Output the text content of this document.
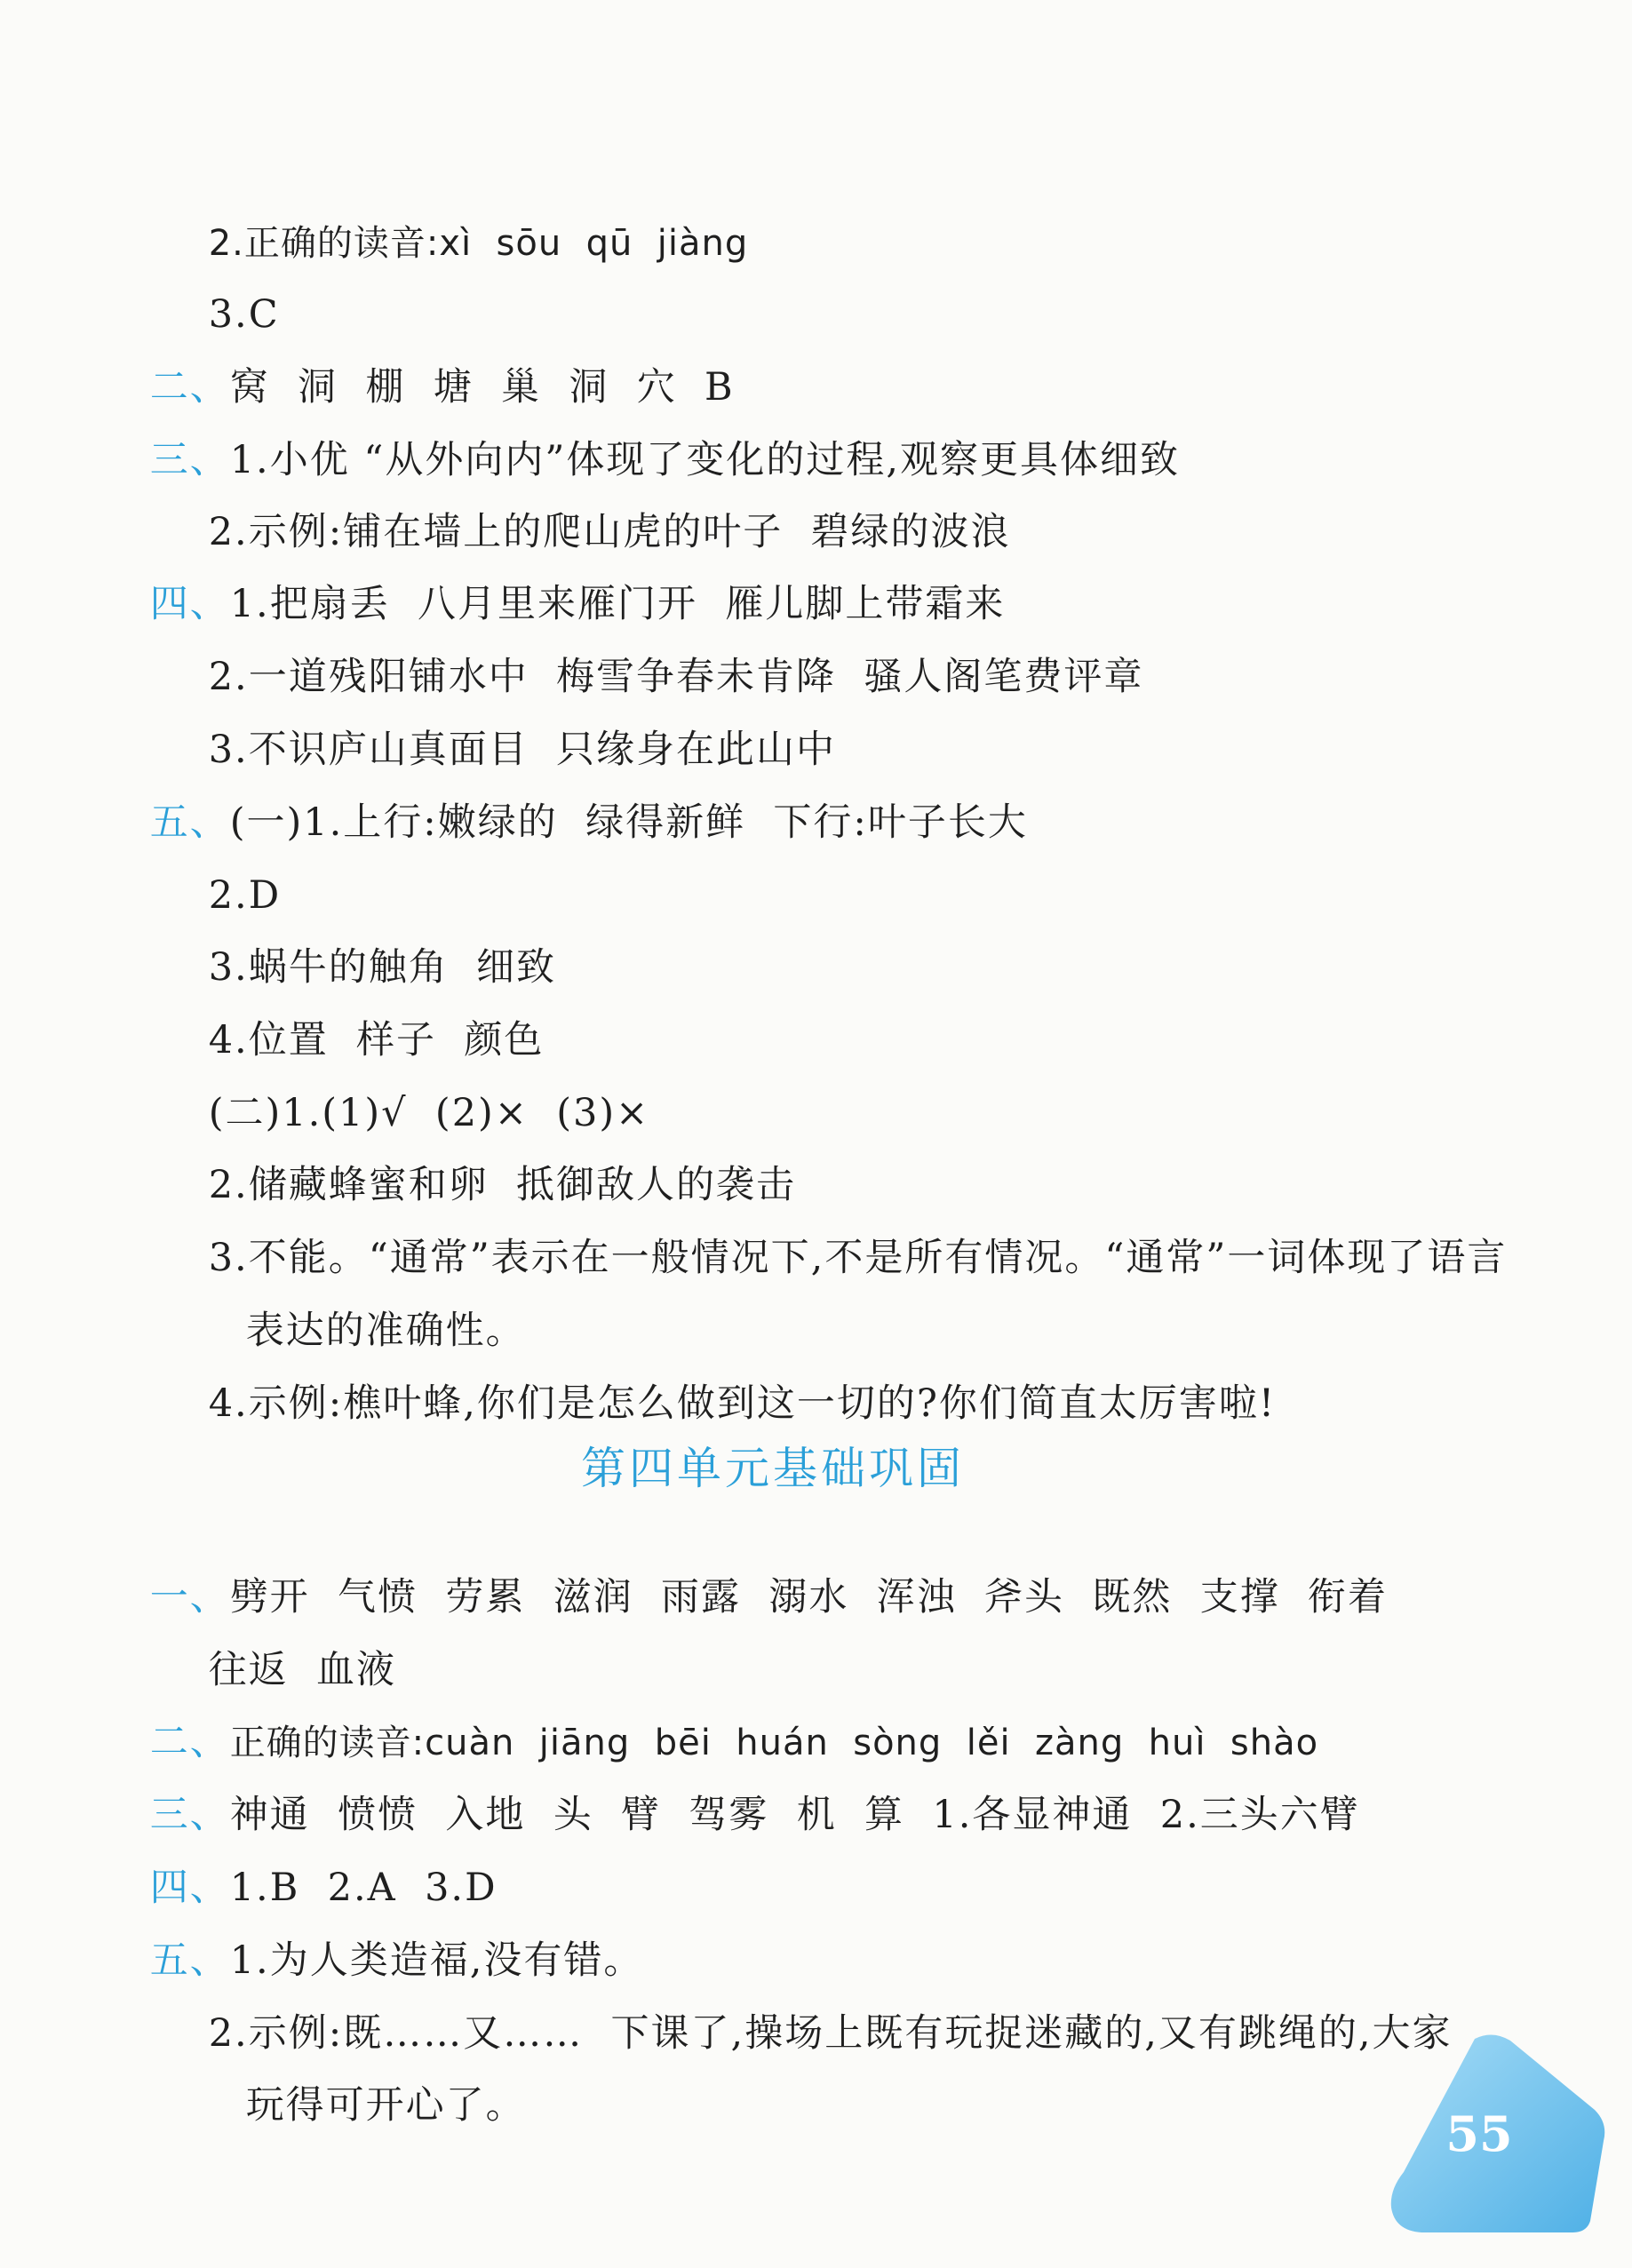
2.正确的读音:xì  sōu  qū  jiàng

3.C

二、窝  洞  棚  塘  巢  洞  穴  B

三、1.小优 “从外向内”体现了变化的过程,观察更具体细致

2.示例:铺在墙上的爬山虎的叶子  碧绿的波浪

四、1.把扇丢  八月里来雁门开  雁儿脚上带霜来

2.一道残阳铺水中  梅雪争春未肯降  骚人阁笔费评章

3.不识庐山真面目  只缘身在此山中

五、(一)1.上行:嫩绿的  绿得新鲜  下行:叶子长大

2.D

3.蜗牛的触角  细致

4.位置  样子  颜色

(二)1.(1)√  (2)×  (3)×

2.储藏蜂蜜和卵  抵御敌人的袭击

3.不能。“通常”表示在一般情况下,不是所有情况。“通常”一词体现了语言

表达的准确性。

4.示例:樵叶蜂,你们是怎么做到这一切的?你们简直太厉害啦!

第四单元基础巩固

一、劈开  气愤  劳累  滋润  雨露  溺水  浑浊  斧头  既然  支撑  衔着

往返  血液

二、正确的读音:cuàn  jiāng  bēi  huán  sòng  lěi  zàng  huì  shào

三、神通  愤愤  入地  头  臂  驾雾  机  算  1.各显神通  2.三头六臂

四、1.B  2.A  3.D

五、1.为人类造福,没有错。

2.示例:既……又……  下课了,操场上既有玩捉迷藏的,又有跳绳的,大家

玩得可开心了。
	55
